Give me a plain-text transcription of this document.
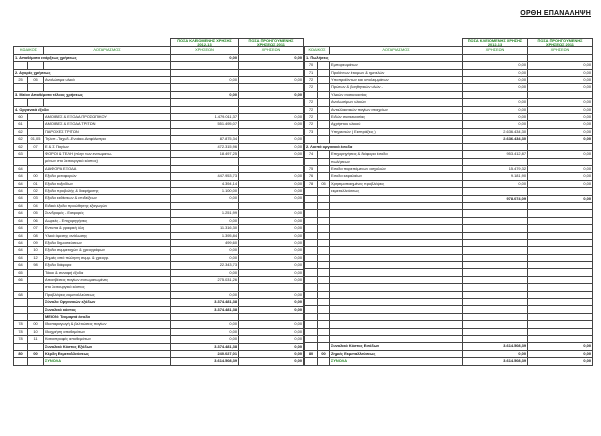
ΟΡΘΗ ΕΠΑΝΑΛΗΨΗ
			ΠΟΣΑ ΚΛΕΙΟΜΕΝΗΣ ΧΡΗΣΗΣ 2012-13	ΠΟΣΑ ΠΡΟΗΓΟΥΜΕΝΗΣ ΧΡΗΣΕΩΣ 2011
ΚΩΔΙΚΟΣ		ΛΟΓΑΡΙΑΣΜΟΣ	ΧΡΗΣΕΩΝ	ΧΡΗΣΕΩΝ
1. Αποθέματα ενάρξεως χρήσεως			0,00	0,00

2. Αγορές χρήσεως				
25	05	Αναλώσιμα υλικά	0,00	0,00

3. Μείον Αποθέματα τέλους χρήσεως			0,00	0,00

4. Οργανικά έξοδα				
60		ΑΜΟΙΒΕΣ & ΕΞΟΔΑ ΠΡΟΣΩΠΙΚΟΥ	1.479.011,37	0,00
61		ΑΜΟΙΒΕΣ & ΕΞΟΔΑ ΤΡΙΤΩΝ	551.495,07	0,00
62		ΠΑΡΟΧΕΣ ΤΡΙΤΩΝ		
62	01,05	Τηλεπ.-Ταχυδ.-Ενοίκια-Ασφάλιστρα	87.875,34	0,00
62	07	Ε & Σ Παγίων	472.315,96	0,00
63		ΦΟΡΟΙ & ΤΕΛΗ (πλην των ενσωματω-	18.497,25	0,00
		μένων στο λειτουργικό κόστος)		
64		ΔΙΑΦΟΡΑ ΕΞΟΔΑ		
64	00	Εξοδα μεταφορών	447.953,73	0,00
64	01	Εξοδα ταξειδίων	4.394,14	0,00
64	02	Εξοδα προβολής & διαφήμισης	1.100,00	0,00
64	03	Εξοδα εκθέσεων & επιδείξεων	0,00	0,00
64	04	Ειδικά έξοδα προώθησης εξαγωγών		
64	05	Συνδρομές - Εισφορές	1.251,99	0,00
64	06	Δωρεές - Επιχορηγήσεις	0,00	0,00
64	07	Εντυπα & γραφική ύλη	11.316,30	0,00
64	08	Υλικά άμεσης ανάλωσης	1.395,84	0,00
64	09	Εξοδα δημοσιεύσεων	499,60	0,00
64	10	Εξοδα συμμετοχών & χρεογράφων	0,00	0,00
64	12	Ζημιές από πώληση συμμ. & χρεογρ.	0,00	0,00
64	98	Εξοδα διάφορα	22.343,73	0,00
65		Τόκοι & συναφή έξοδα	0,00	0,00
66		Αποσβέσεις παγίων ενσωματωμένες	275.031,26	0,00
		στο λειτουργικό κόστος		
68		Προβλέψεις εκμεταλλεύσεως	0,00	0,00
		Σύνολο Οργανικών εξόδων	3.374.481,38	0,00
		Συνολικό κόστος	3.374.481,38	0,00
		ΜΕΙΟΝ: Τεκμαρτά έσοδα		
78	00	Ιδιοπαραγωγή & βελτιώσεις παγίων	0,00	0,00
78	10	Ιδιοχρήση αποθεμάτων	0,00	0,00
78	11	Καταστροφές αποθεμάτων	0,00	0,00
		Συνολικό Κόστος Εξόδων	3.374.481,38	0,00
80	00	Κέρδη Εκμεταλλεύσεως	240.027,01	0,00
		ΣΥΝΟΛΑ	3.614.508,39	0,00
			ΠΟΣΑ ΚΛΕΙΟΜΕΝΗΣ ΧΡΗΣΗΣ 2012-13	ΠΟΣΑ ΠΡΟΗΓΟΥΜΕΝΗΣ ΧΡΗΣΕΩΣ 2011
ΚΩΔΙΚΟΣ		ΛΟΓΑΡΙΑΣΜΟΣ	ΧΡΗΣΕΩΝ	ΧΡΗΣΕΩΝ
1. Πωλήσεις				
70		Εμπορευμάτων	0,00	0,00
71		Προϊόντων έτοιμων & ημιτελών	0,00	0,00
72		Υποπροϊόντων και υπολειμμάτων	0,00	0,00
72		Πρώτων & βοηθητικών υλών -	0,00	0,00
		Υλικών συσκευασίας		
72		Αναλωσίμων υλικών	0,00	0,00
72		Ανταλλακτικών παγίων στοιχείων	0,00	0,00
72		Ειδών συσκευασίας	0,00	0,00
72		Αχρήστου υλικού	0,00	0,00
73		Υπηρεσιών ( Εισπράξεις )	2.636.434,30	0,00
			2.636.434,30	0,00
2. Λοιπά οργανικά έσοδα				
74		Επιχορηγήσεις & διάφορα έσοδα	953.412,87	0,00
		πωλήσεων		
75		Εσοδα παρεπόμενων ασχολιών	15.479,32	0,00
76		Εσοδα κεφαλαίων	9.181,90	0,00
78	05	Χρησιμοποιημένες προβλέψεις	0,00	0,00
		εκμεταλλεύσεως		
			978.074,09	0,00

		Συνολικό Κόστος Εσόδων	3.614.508,39	0,00
80	00	Ζημιές Εκμεταλλεύσεως	0,00	0,00
		ΣΥΝΟΛΑ	3.614.508,39	0,00
